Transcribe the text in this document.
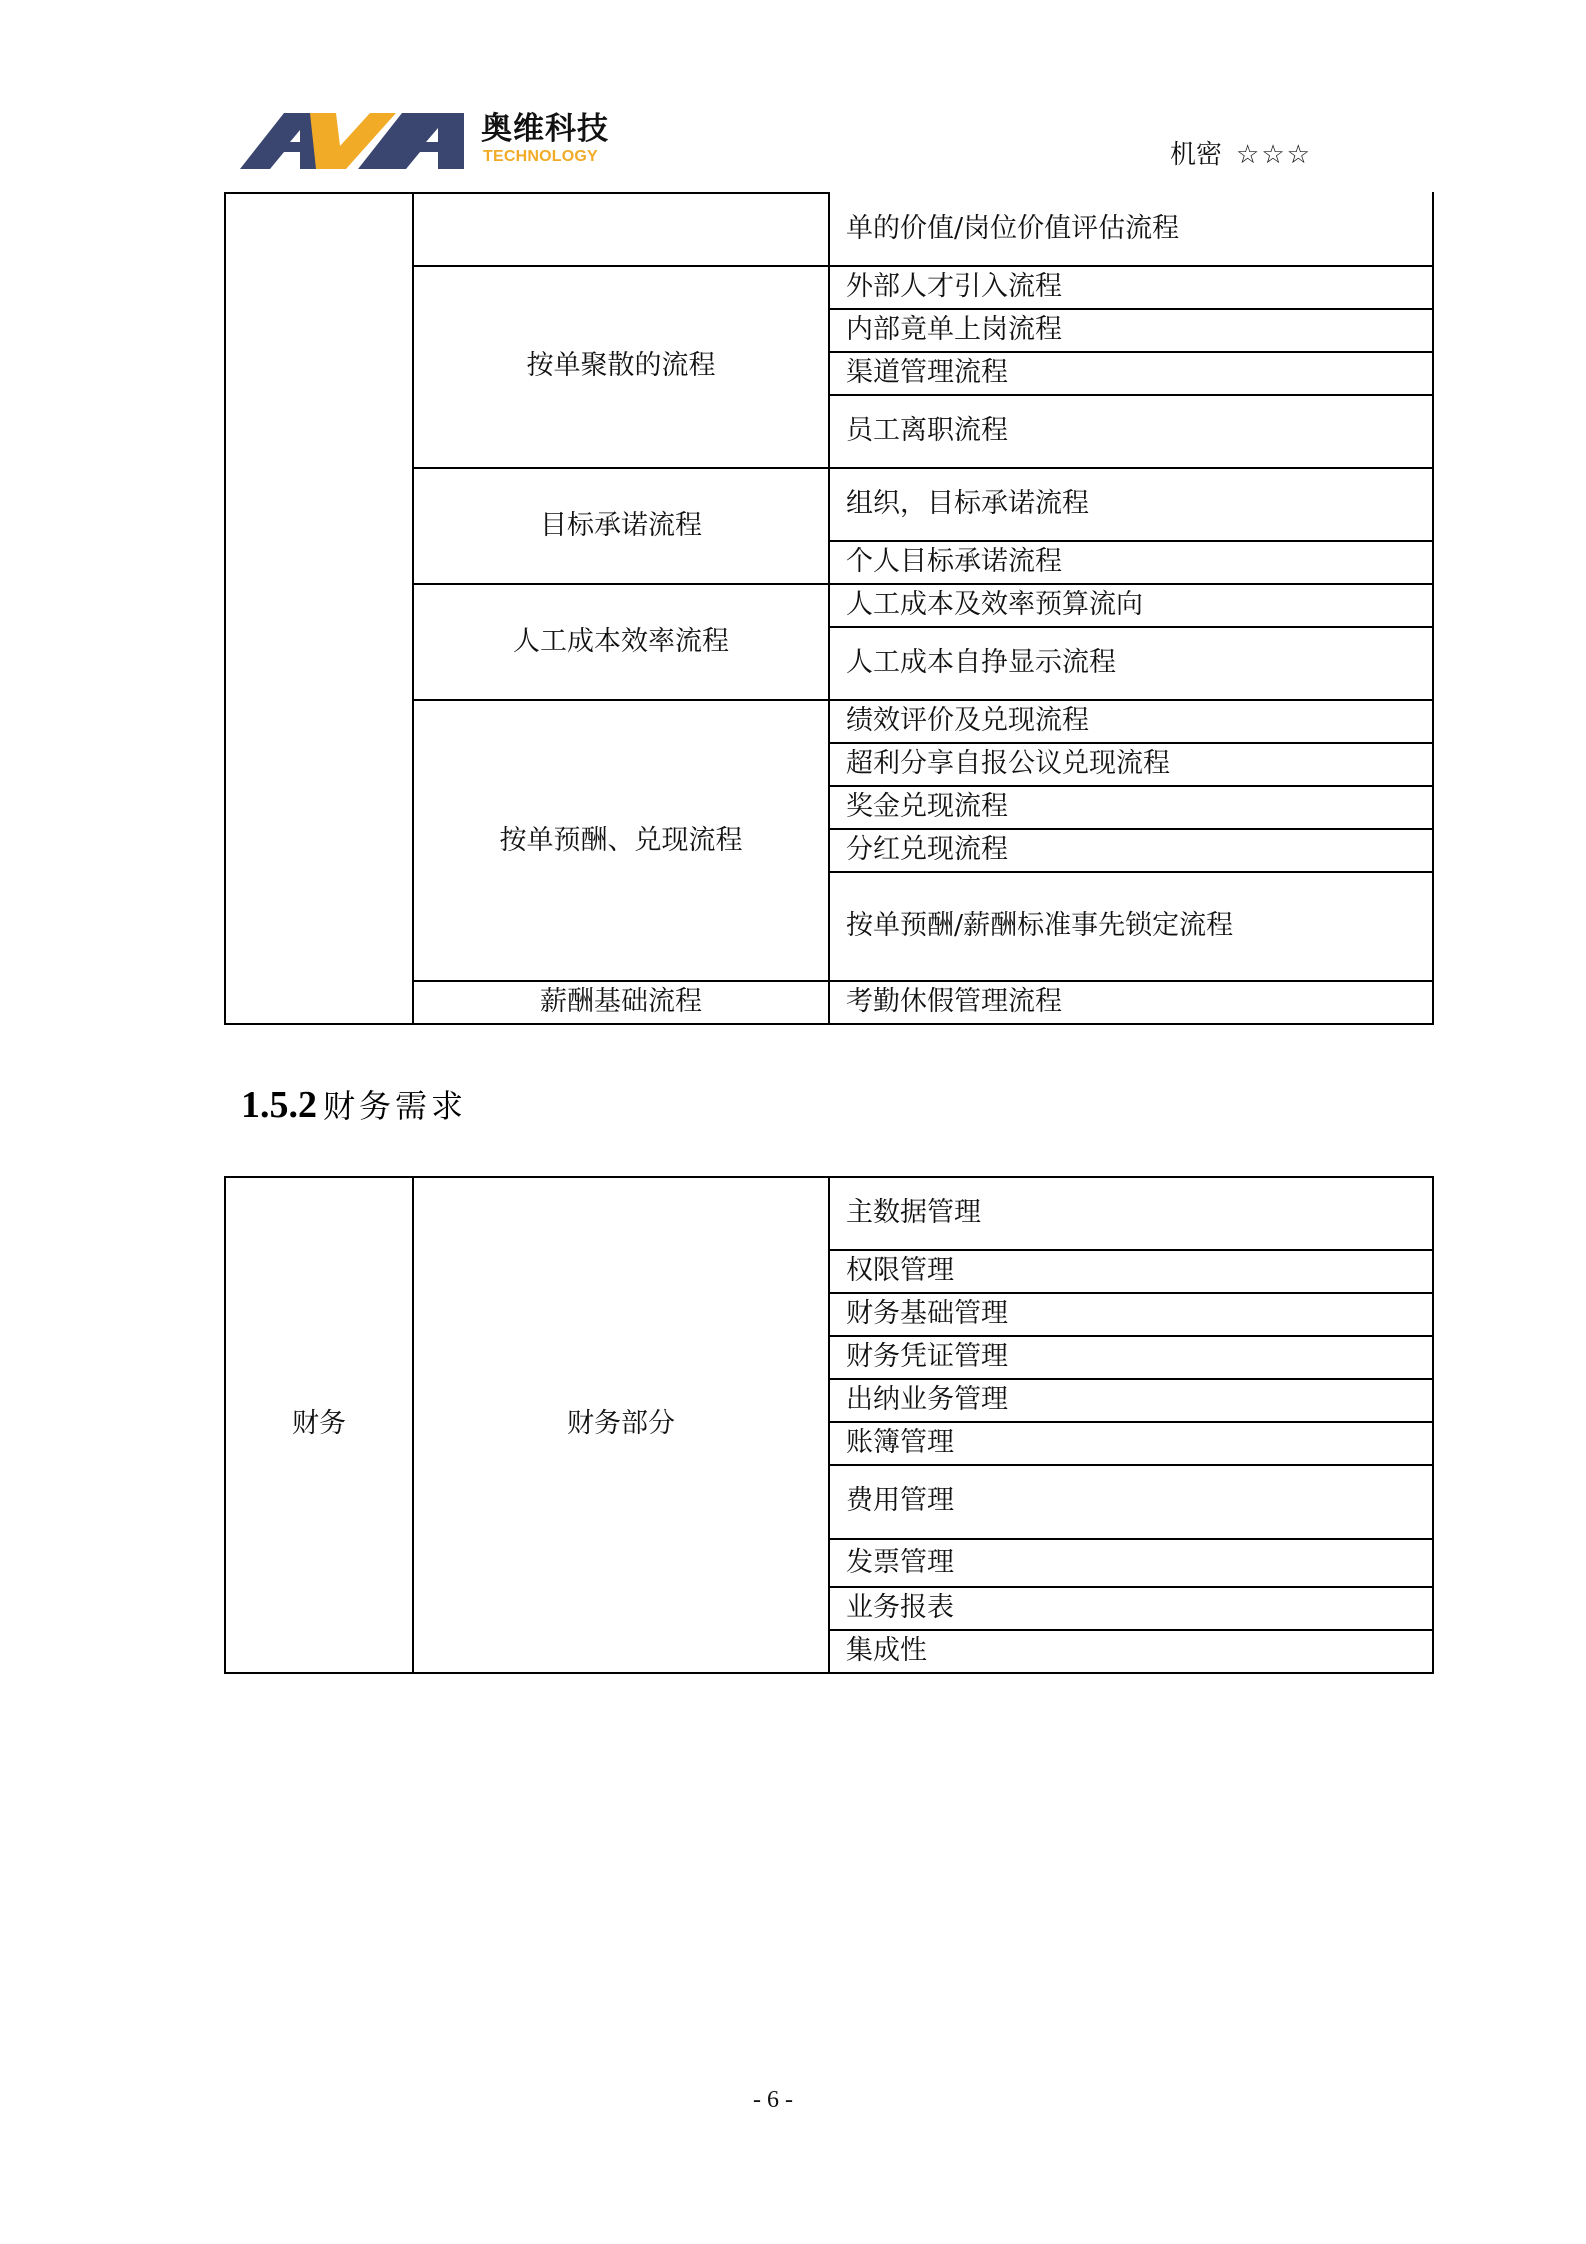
奥维科技
TECHNOLOGY	机密 ☆☆☆
按单聚散的流程
目标承诺流程
人工成本效率流程
按单预酬、兑现流程
薪酬基础流程
单的价值/岗位价值评估流程
外部人才引入流程
内部竟单上岗流程
渠道管理流程
员工离职流程
组织，目标承诺流程
个人目标承诺流程
人工成本及效率预算流向
人工成本自挣显示流程
绩效评价及兑现流程
超利分享自报公议兑现流程
奖金兑现流程
分红兑现流程
按单预酬/薪酬标准事先锁定流程
考勤休假管理流程
1.5.2 财务需求
财务	财务部分
主数据管理
权限管理
财务基础管理
财务凭证管理
出纳业务管理
账簿管理
费用管理
发票管理
业务报表
集成性
- 6 -
